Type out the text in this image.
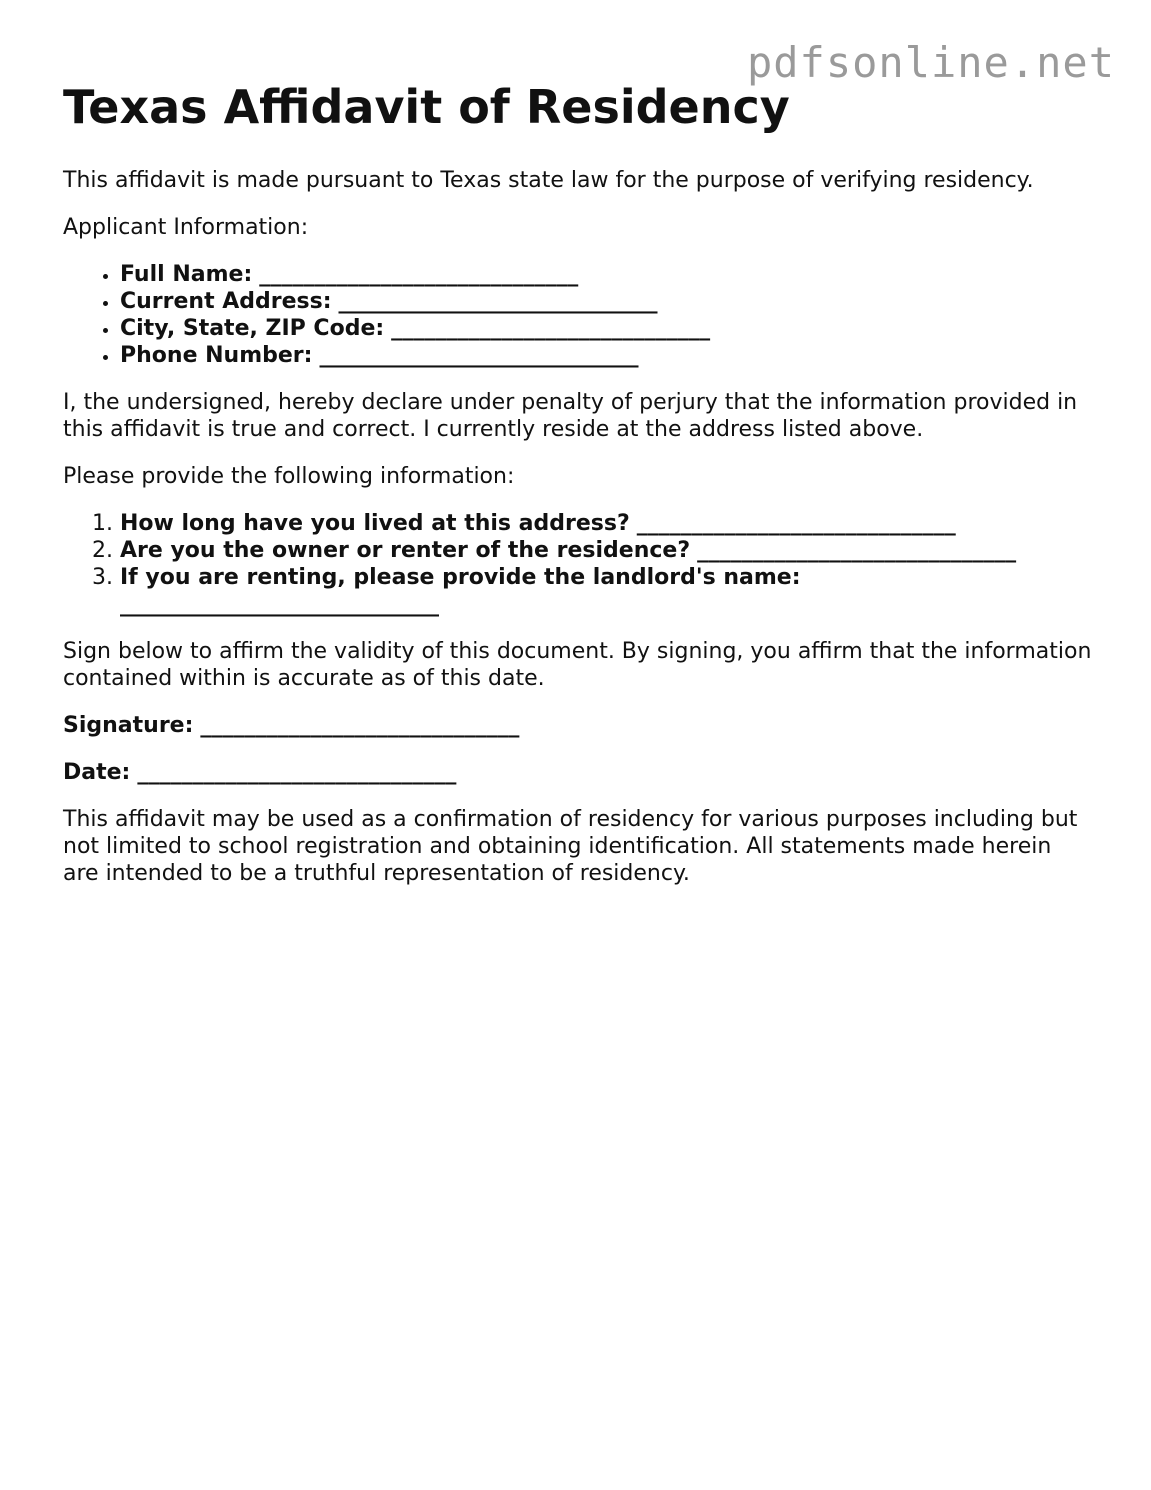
pdfsonline.net
Texas Affidavit of Residency

This affidavit is made pursuant to Texas state law for the purpose of verifying residency.

Applicant Information:

• Full Name: _____________________________
• Current Address: _____________________________
• City, State, ZIP Code: _____________________________
• Phone Number: _____________________________

I, the undersigned, hereby declare under penalty of perjury that the information provided in this affidavit is true and correct. I currently reside at the address listed above.

Please provide the following information:

1. How long have you lived at this address? _____________________________
2. Are you the owner or renter of the residence? _____________________________
3. If you are renting, please provide the landlord's name:
_____________________________

Sign below to affirm the validity of this document. By signing, you affirm that the information contained within is accurate as of this date.

Signature: _____________________________

Date: _____________________________

This affidavit may be used as a confirmation of residency for various purposes including but not limited to school registration and obtaining identification. All statements made herein are intended to be a truthful representation of residency.
